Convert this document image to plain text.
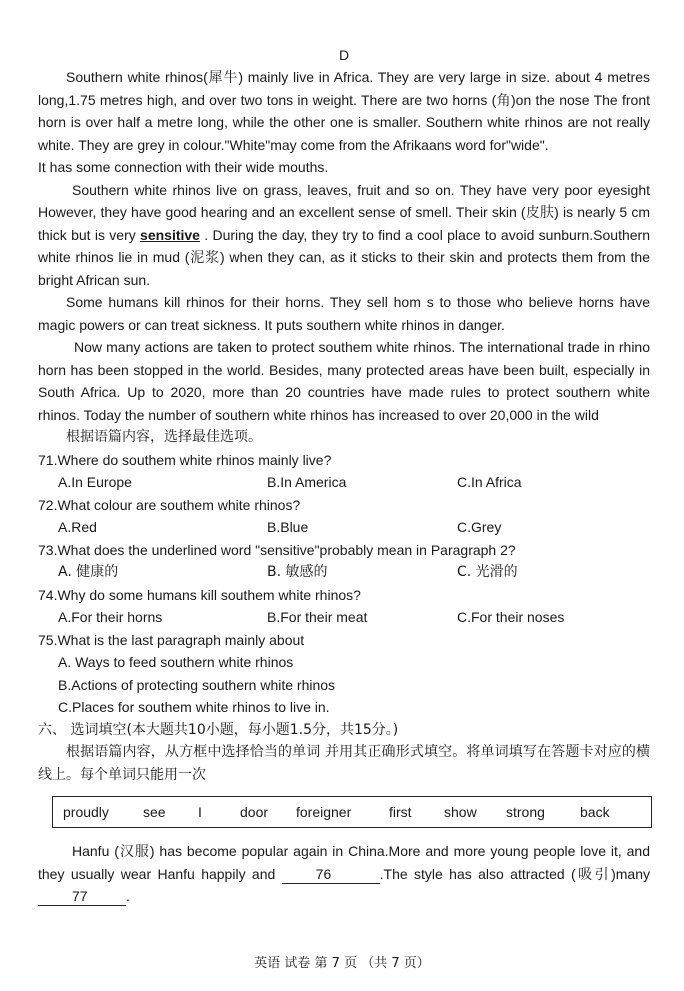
D

Southern white rhinos(犀牛) mainly live in Africa. They are very large in size. about 4 metres long,1.75 metres high, and over two tons in weight. There are two horns (角)on the nose The front horn is over half a metre long, while the other one is smaller. Southern white rhinos are not really white. They are grey in colour."White"may come from the Afrikaans word for"wide".

It has some connection with their wide mouths.

Southern white rhinos live on grass, leaves, fruit and so on. They have very poor eyesight However, they have good hearing and an excellent sense of smell. Their skin (皮肤) is nearly 5 cm thick but is very sensitive . During the day, they try to find a cool place to avoid sunburn.Southern white rhinos lie in mud (泥浆) when they can, as it sticks to their skin and protects them from the bright African sun.

Some humans kill rhinos for their horns. They sell hom s to those who believe horns have magic powers or can treat sickness. It puts southern white rhinos in danger.

Now many actions are taken to protect southem white rhinos. The international trade in rhino horn has been stopped in the world. Besides, many protected areas have been built, especially in South Africa. Up to 2020, more than 20 countries have made rules to protect southern white rhinos. Today the number of southern white rhinos has increased to over 20,000 in the wild

根据语篇内容，选择最佳选项。
71.Where do southem white rhinos mainly live?
A.In Europe	B.In America	C.In Africa
72.What colour are southem white rhinos?
A.Red	B.Blue	C.Grey
73.What does the underlined word "sensitive"probably mean in Paragraph 2?
A. 健康的	B. 敏感的	C. 光滑的
74.Why do some humans kill southem white rhinos?
A.For their horns	B.For their meat	C.For their noses
75.What is the last paragraph mainly about
A. Ways to feed southern white rhinos
B.Actions of protecting southern white rhinos
C.Places for southem white rhinos to live in.
六、 选词填空(本大题共10小题，每小题1.5分，共15分。)

根据语篇内容，从方框中选择恰当的单词 并用其正确形式填空。将单词填写在答题卡对应的横线上。每个单词只能用一次

proudly	see	I	door	foreigner	first	show	strong	back

Hanfu (汉服) has become popular again in China.More and more young people love it, and they usually wear Hanfu happily and 76	.The style has also attracted (吸引)many77	.

英语 试卷 第 7 页 （共 7 页）
